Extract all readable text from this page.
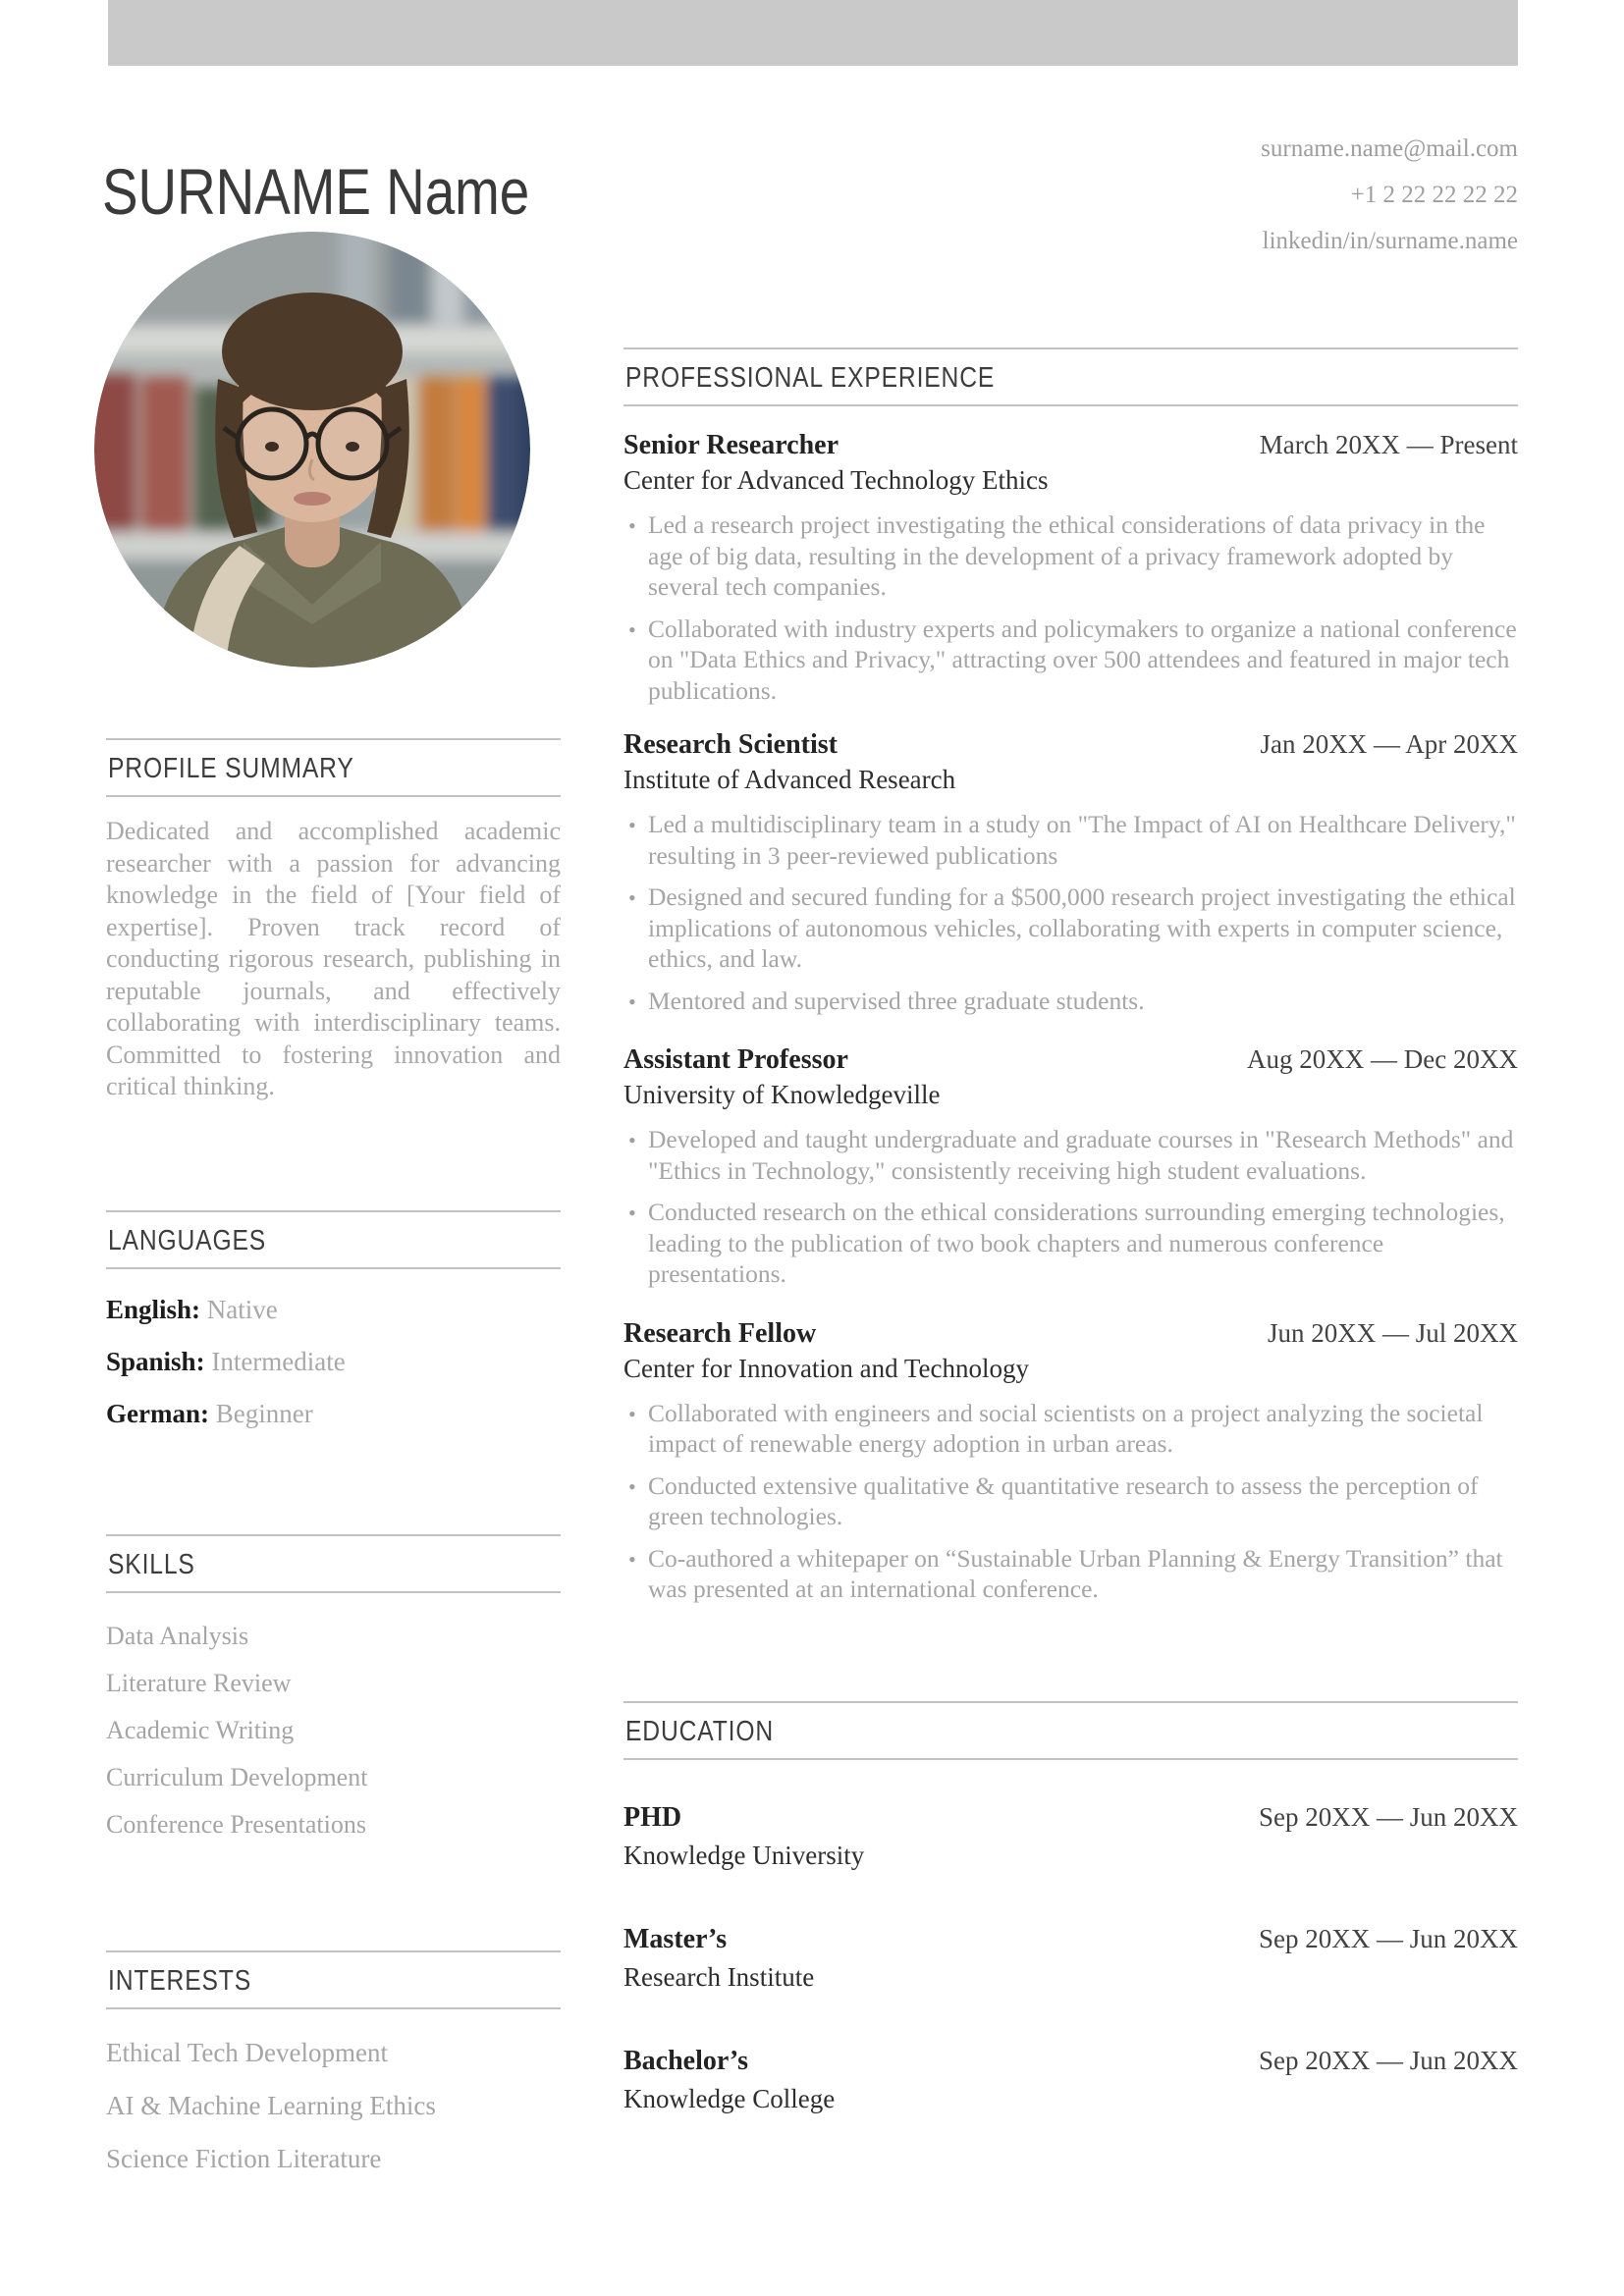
SURNAME Name
surname.name@mail.com
+1 2 22 22 22 22
linkedin/in/surname.name
PROFILE SUMMARY

Dedicated and accomplished academic researcher with a passion for advancing knowledge in the field of [Your field of expertise]. Proven track record of conducting rigorous research, publishing in reputable journals, and effectively collaborating with interdisciplinary teams. Committed to fostering innovation and critical thinking.

LANGUAGES
English: Native
Spanish: Intermediate
German: Beginner
SKILLS
Data Analysis
Literature Review
Academic Writing
Curriculum Development
Conference Presentations
INTERESTS
Ethical Tech Development
AI & Machine Learning Ethics
Science Fiction Literature
PROFESSIONAL EXPERIENCE
Senior Researcher	March 20XX — Present
Center for Advanced Technology Ethics
• Led a research project investigating the ethical considerations of data privacy in the age of big data, resulting in the development of a privacy framework adopted by several tech companies.
• Collaborated with industry experts and policymakers to organize a national conference on "Data Ethics and Privacy," attracting over 500 attendees and featured in major tech publications.
Research Scientist	Jan 20XX — Apr 20XX
Institute of Advanced Research
• Led a multidisciplinary team in a study on "The Impact of AI on Healthcare Delivery," resulting in 3 peer-reviewed publications
• Designed and secured funding for a $500,000 research project investigating the ethical implications of autonomous vehicles, collaborating with experts in computer science, ethics, and law.
• Mentored and supervised three graduate students.
Assistant Professor	Aug 20XX — Dec 20XX
University of Knowledgeville
• Developed and taught undergraduate and graduate courses in "Research Methods" and "Ethics in Technology," consistently receiving high student evaluations.
• Conducted research on the ethical considerations surrounding emerging technologies, leading to the publication of two book chapters and numerous conference presentations.
Research Fellow	Jun 20XX — Jul 20XX
Center for Innovation and Technology
• Collaborated with engineers and social scientists on a project analyzing the societal impact of renewable energy adoption in urban areas.
• Conducted extensive qualitative & quantitative research to assess the perception of green technologies.
• Co-authored a whitepaper on “Sustainable Urban Planning & Energy Transition” that was presented at an international conference.
EDUCATION
PHD	Sep 20XX — Jun 20XX
Knowledge University
Master’s	Sep 20XX — Jun 20XX
Research Institute
Bachelor’s	Sep 20XX — Jun 20XX
Knowledge College
